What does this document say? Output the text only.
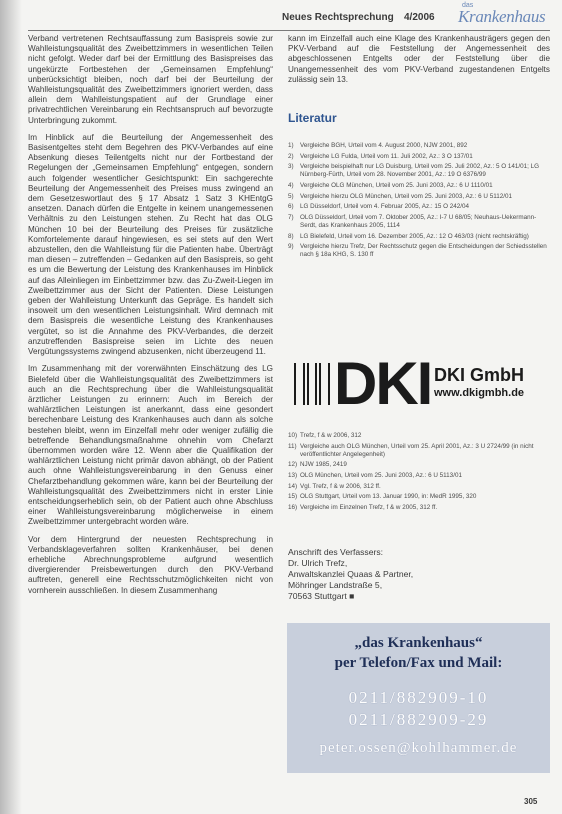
Neues Rechtsprechung 4/2006
das
Krankenhaus

Verband vertretenen Rechtsauffassung zum Basispreis sowie zur Wahlleistungsqualität des Zweibettzimmers in wesentlichen Teilen nicht gefolgt. Weder darf bei der Ermittlung des Basispreises das ungekürzte Fortbestehen der „Gemeinsamen Empfehlung“ unberücksichtigt bleiben, noch darf bei der Beurteilung der Wahlleistungsqualität des Zweibettzimmers ignoriert werden, dass allein dem Wahlleistungspatient auf der Grundlage einer privatrechtlichen Vereinbarung ein Rechtsanspruch auf bevorzugte Unterbringung zukommt.

Im Hinblick auf die Beurteilung der Angemessenheit des Basisentgeltes steht dem Begehren des PKV-Verbandes auf eine Absenkung dieses Teilentgelts nicht nur der Fortbestand der Regelungen der „Gemeinsamen Empfehlung“ entgegen, sondern auch folgender wesentlicher Gesichtspunkt: Ein sachgerechte Beurteilung der Angemessenheit des Preises muss zwingend an dem Gesetzeswortlaut des § 17 Absatz 1 Satz 3 KHEntgG ansetzen. Danach dürfen die Entgelte in keinem unangemessenen Verhältnis zu den Leistungen stehen. Zu Recht hat das OLG München 10 bei der Beurteilung des Preises für zusätzliche Komfortelemente darauf hingewiesen, es sei stets auf den Wert abzustellen, den die Wahlleistung für die Patienten habe. Überträgt man diesen – zutreffenden – Gedanken auf den Basispreis, so geht es um die Bewertung der Leistung des Krankenhauses im Hinblick auf das Alleinliegen im Einbettzimmer bzw. das Zu-Zweit-Liegen im Zweibettzimmer aus der Sicht der Patienten. Diese Leistungen geben der Wahlleistung Unterkunft das Gepräge. Es handelt sich insoweit um den wesentlichen Leistungsinhalt. Wird demnach mit dem Basispreis die wesentliche Leistung des Krankenhauses vergütet, so ist die Annahme des PKV-Verbandes, die derzeit anzutreffenden Basispreise seien im Lichte des neuen Vergütungssystems zwingend abzusenken, nicht überzeugend 11.

Im Zusammenhang mit der vorerwähnten Einschätzung des LG Bielefeld über die Wahlleistungsqualität des Zweibettzimmers ist auch an die Rechtsprechung über die Wahlleistungsqualität ärztlicher Leistungen zu erinnern: Auch im Bereich der wahlärztlichen Leistungen ist anerkannt, dass eine gesondert berechenbare Leistung des Krankenhauses auch dann als solche bestehen bleibt, wenn im Einzelfall mehr oder weniger zufällig die betreffende Behandlungsmaßnahme ohnehin vom Chefarzt übernommen worden wäre 12. Wenn aber die Qualifikation der wahlärztlichen Leistung nicht primär davon abhängt, ob der Patient auch ohne Wahlleistungsvereinbarung in den Genuss einer Chefarztbehandlung gekommen wäre, kann bei der Beurteilung der Wahlleistungsqualität des Zweibettzimmers nicht in erster Linie entscheidungserheblich sein, ob der Patient auch ohne Abschluss einer Wahlleistungsvereinbarung möglicherweise in einem Zweibettzimmer untergebracht worden wäre.

Vor dem Hintergrund der neuesten Rechtsprechung in Verbandsklageverfahren sollten Krankenhäuser, bei denen erhebliche Abrechnungsprobleme aufgrund wesentlich divergierender Preisbewertungen durch den PKV-Verband auftreten, generell eine Rechtsschutzmöglichkeiten nicht von vornherein ausschließen. In diesem Zusammenhang

kann im Einzelfall auch eine Klage des Krankenhausträgers gegen den PKV-Verband auf die Feststellung der Angemessenheit des abgeschlossenen Entgelts oder der Feststellung über die Unangemessenheit des vom PKV-Verband zugestandenen Entgelts zulässig sein 13.

Literatur
1)	Vergleiche BGH, Urteil vom 4. August 2000, NJW 2001, 892
2)	Vergleiche LG Fulda, Urteil vom 11. Juli 2002, Az.: 3 O 137/01
3)	Vergleiche beispielhaft nur LG Duisburg, Urteil vom 25. Juli 2002, Az.: 5 O 141/01; LG Nürnberg-Fürth, Urteil vom 28. November 2001, Az.: 19 O 6376/99
4)	Vergleiche OLG München, Urteil vom 25. Juni 2003, Az.: 6 U 1110/01
5)	Vergleiche hierzu OLG München, Urteil vom 25. Juni 2003, Az.: 6 U 5112/01
6)	LG Düsseldorf, Urteil vom 4. Februar 2005, Az.: 15 O 242/04
7)	OLG Düsseldorf, Urteil vom 7. Oktober 2005, Az.: I-7 U 68/05; Neuhaus-Uekermann-Serdt, das Krankenhaus 2005, 1114
8)	LG Bielefeld, Urteil vom 16. Dezember 2005, Az.: 12 O 463/03 (nicht rechtskräftig)
9)	Vergleiche hierzu Trefz, Der Rechtsschutz gegen die Entscheidungen der Schiedsstellen nach § 18a KHG, S. 130 ff
DKI DKI GmbH
www.dkigmbh.de
10) Trefz, f & w 2006, 312
11) Vergleiche auch OLG München, Urteil vom 25. April 2001, Az.: 3 U 2724/99 (in nicht veröffentlichter Angelegenheit)
12) NJW 1985, 2419
13) OLG München, Urteil vom 25. Juni 2003, Az.: 6 U 5113/01
14) Vgl. Trefz, f & w 2006, 312 ff.
15) OLG Stuttgart, Urteil vom 13. Januar 1990, in: MedR 1995, 320
16) Vergleiche im Einzelnen Trefz, f & w 2005, 312 ff.
Anschrift des Verfassers:
Dr. Ulrich Trefz,
Anwaltskanzlei Quaas & Partner,
Möhringer Landstraße 5,
70563 Stuttgart ■
„das Krankenhaus“
per Telefon/Fax und Mail:
0211/882909-10
0211/882909-29
peter.ossen@kohlhammer.de
305
